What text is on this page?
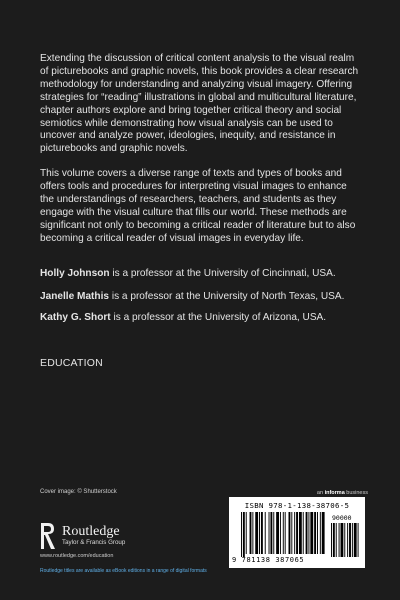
Extending the discussion of critical content analysis to the visual realm of picturebooks and graphic novels, this book provides a clear research methodology for understanding and analyzing visual imagery. Offering strategies for “reading” illustrations in global and multicultural literature, chapter authors explore and bring together critical theory and social semiotics while demonstrating how visual analysis can be used to uncover and analyze power, ideologies, inequity, and resistance in picturebooks and graphic novels.

This volume covers a diverse range of texts and types of books and offers tools and procedures for interpreting visual images to enhance the understandings of researchers, teachers, and students as they engage with the visual culture that fills our world. These methods are significant not only to becoming a critical reader of literature but to also becoming a critical reader of visual images in everyday life.

Holly Johnson is a professor at the University of Cincinnati, USA.

Janelle Mathis is a professor at the University of North Texas, USA.

Kathy G. Short is a professor at the University of Arizona, USA.

EDUCATION

Cover image: © Shutterstock	an informa business

Routledge
Taylor & Francis Group

www.routledge.com/education

Routledge titles are available as eBook editions in a range of digital formats

ISBN 978-1-138-38706-5
90000
9 781138 387065
